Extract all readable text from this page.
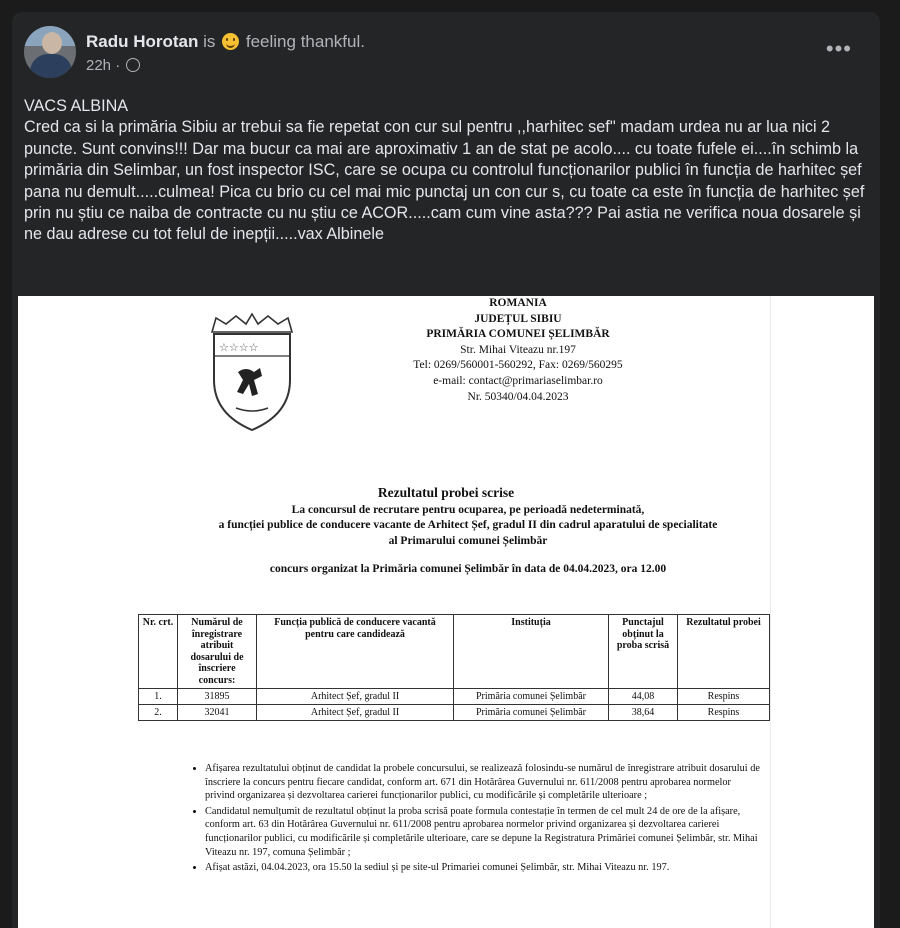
Radu Horotan is feeling thankful.
22h ·
•••

VACS ALBINA

Cred ca si la primăria Sibiu ar trebui sa fie repetat con cur sul pentru ,,harhitec sef'' madam urdea nu ar lua nici 2 puncte. Sunt convins!!! Dar ma bucur ca mai are aproximativ 1 an de stat pe acolo.... cu toate fufele ei....în schimb la primăria din Selimbar, un fost inspector ISC, care se ocupa cu controlul funcționarilor publici în funcția de harhitec șef pana nu demult.....culmea! Pica cu brio cu cel mai mic punctaj un con cur s, cu toate ca este în funcția de harhitec șef prin nu știu ce naiba de contracte cu nu știu ce ACOR.....cam cum vine asta??? Pai astia ne verifica noua dosarele și ne dau adrese cu tot felul de inepții.....vax Albinele

☆☆☆☆
ROMANIA
JUDEȚUL SIBIU
PRIMĂRIA COMUNEI ȘELIMBĂR
Str. Mihai Viteazu nr.197
Tel: 0269/560001-560292, Fax: 0269/560295
e-mail: contact@primariaselimbar.ro
Nr. 50340/04.04.2023
Rezultatul probei scrise
La concursul de recrutare pentru ocuparea, pe perioadă nedeterminată,
a funcției publice de conducere vacante de Arhitect Șef, gradul II din cadrul aparatului de specialitate
al Primarului comunei Șelimbăr
concurs organizat la Primăria comunei Șelimbăr în data de 04.04.2023, ora 12.00
Nr. crt.	Numărul de înregistrare atribuit dosarului de înscriere concurs:	Funcția publică de conducere vacantă pentru care candidează	Instituția	Punctajul obținut la proba scrisă	Rezultatul probei
1.	31895	Arhitect Șef, gradul II	Primăria comunei Șelimbăr	44,08	Respins
2.	32041	Arhitect Șef, gradul II	Primăria comunei Șelimbăr	38,64	Respins
• Afișarea rezultatului obținut de candidat la probele concursului, se realizează folosindu-se numărul de înregistrare atribuit dosarului de înscriere la concurs pentru fiecare candidat, conform art. 671 din Hotărârea Guvernului nr. 611/2008 pentru aprobarea normelor privind organizarea și dezvoltarea carierei funcționarilor publici, cu modificările și completările ulterioare ;
• Candidatul nemulțumit de rezultatul obținut la proba scrisă poate formula contestație în termen de cel mult 24 de ore de la afișare, conform art. 63 din Hotărârea Guvernului nr. 611/2008 pentru aprobarea normelor privind organizarea și dezvoltarea carierei funcționarilor publici, cu modificările și completările ulterioare, care se depune la Registratura Primăriei comunei Șelimbăr, str. Mihai Viteazu nr. 197, comuna Șelimbăr ;
• Afișat astăzi, 04.04.2023, ora 15.50 la sediul și pe site-ul Primariei comunei Șelimbăr, str. Mihai Viteazu nr. 197.
